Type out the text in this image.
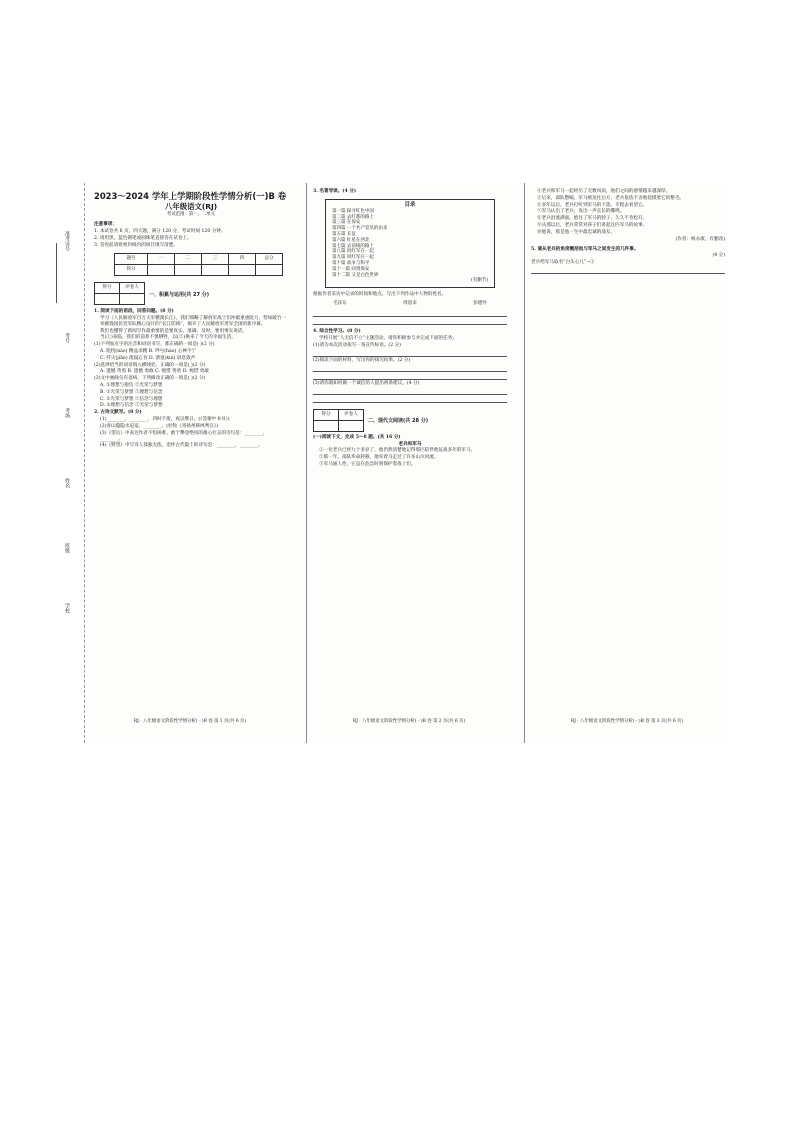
准考证号
考号
考场
姓名
班级
学校
2023～2024 学年上学期阶段性学情分析(一)B 卷
八年级语文(RJ)
考试范围：第一、二单元
注意事项：
1. 本试卷共 6 页，四大题，满分 120 分，考试时间 120 分钟。
2. 请用黑、蓝色钢笔或圆珠笔直接答在试卷上。
3. 答卷前请将密封线内的项目填写清楚。
题号	一	二	三	四	总分
得分					
得分	评卷人

一、积累与运用(共 27 分)
1. 阅读下面的语段，回答问题。(8 分)
学习《人民解放军百万大军横渡长江》，我们领略了解放军战士们冲破重重阻力、势如破竹一举摧毁国民党军队精心设计的“长江防线”，揭开了人民解放军进军全国的新序幕。
我们也懂得了新闻写作最重要的是要真实、准确、及时，要用事实说话。
当(①)来临，我们的前辈不惧牺牲，以(②)换来了今天的幸福生活。
(1)下列加点字的注音和词语书写，都正确的一项是( )(2 分)
A. 阻挠(náo) 精益求精 B. 呼号(háo) 心神不宁
C. 歼灭(jiān) 废寝忘食 D. 溃退(kuì) 屏息敛声
(2)选择恰当的词语填入横线处，正确的一项是( )(2 分)
A. 遗憾 英勇 B. 遗憾 勇敢 C. 惋惜 英勇 D. 惋惜 勇敢
(3)文中画线句有语病，下列修改正确的一项是( )(2 分)
A. ①理想与抱负 ②光荣与梦想
B. ①光荣与梦想 ②理想与信念
C. ①光荣与梦想 ②信念与理想
D. ①理想与信念 ②光荣与梦想
2. 古诗文默写。(8 分)
(1)________，________，四时不废，夜以继日。(《答谢中书书》)
(2)青山隐隐水迢迢，________。(杜牧《寄扬州韩绰判官》)
(3)《望岳》中表达作者不怕困难、敢于攀登绝顶的雄心壮志的诗句是：________，________。
(4)《野望》中写诗人孤独无依，追怀古代隐士的诗句是：________，________。
RJ · 八年级语文阶段性学情分析(一)B 卷 第 1 页(共 6 页)
3. 名著导读。(4 分)
目录
第一篇 探寻红色中国
第二篇 去红都的路上
第三篇 在保安
第四篇 一个共产党员的由来
第五篇 长征
第六篇 红星在西北
第七篇 去前线的路上
第八篇 同红军在一起
第九篇 同红军在一起
第十篇 战争与和平
第十一篇 回到保安
第十二篇 又是白色世界
(有删节)
根据作者采访中记录的时间和地点，写出下列作品中人物的姓名。
毛泽东	周恩来	彭德怀
4. 综合性学习。(8 分)
学校开展“人无信不立”主题活动，请你积极参与并完成下面的任务。
(1)请为本次活动拟写一条宣传标语。(2 分)
(2)阅读下面的材料，写出你的探究结果。(2 分)
(3)请你就如何做一个诚信的人提出两条建议。(4 分)
得分	评卷人

二、现代文阅读(共 28 分)
(一)阅读下文，完成 5～8 题。(共 16 分)
老兵和军马
①一位老兵已经九十多岁了，他仍然清楚地记得那匹陪伴他征战多年的军马。
②那一年，部队奉命转移，他牵着马走过了许多山川河流。
③军马通人性，它总在危急时刻保护着战士们。
RJ · 八年级语文阶段性学情分析(一)B 卷 第 2 页(共 6 页)
④老兵和军马一起经历了无数风雨，他们之间的感情越来越深厚。
⑤后来，部队整编，军马被送往后方，老兵依依不舍地抚摸着它的鬃毛。
⑥多年以后，老兵打听到军马的下落，专程去看望它。
⑦军马认出了老兵，发出一声长长的嘶鸣。
⑧老兵泪流满面，抱住了军马的脖子，久久不肯松开。
⑨从那以后，老兵常常对孩子们讲起这匹军马的故事。
⑩他说，那是他一生中最忠诚的战友。
(作者：杨永康，有删改)
5. 请从老兵的角度概括他与军马之间发生的几件事。
(4 分)
老兵给军马取名“白头心儿”→①
RJ · 八年级语文阶段性学情分析(一)B 卷 第 3 页(共 6 页)
